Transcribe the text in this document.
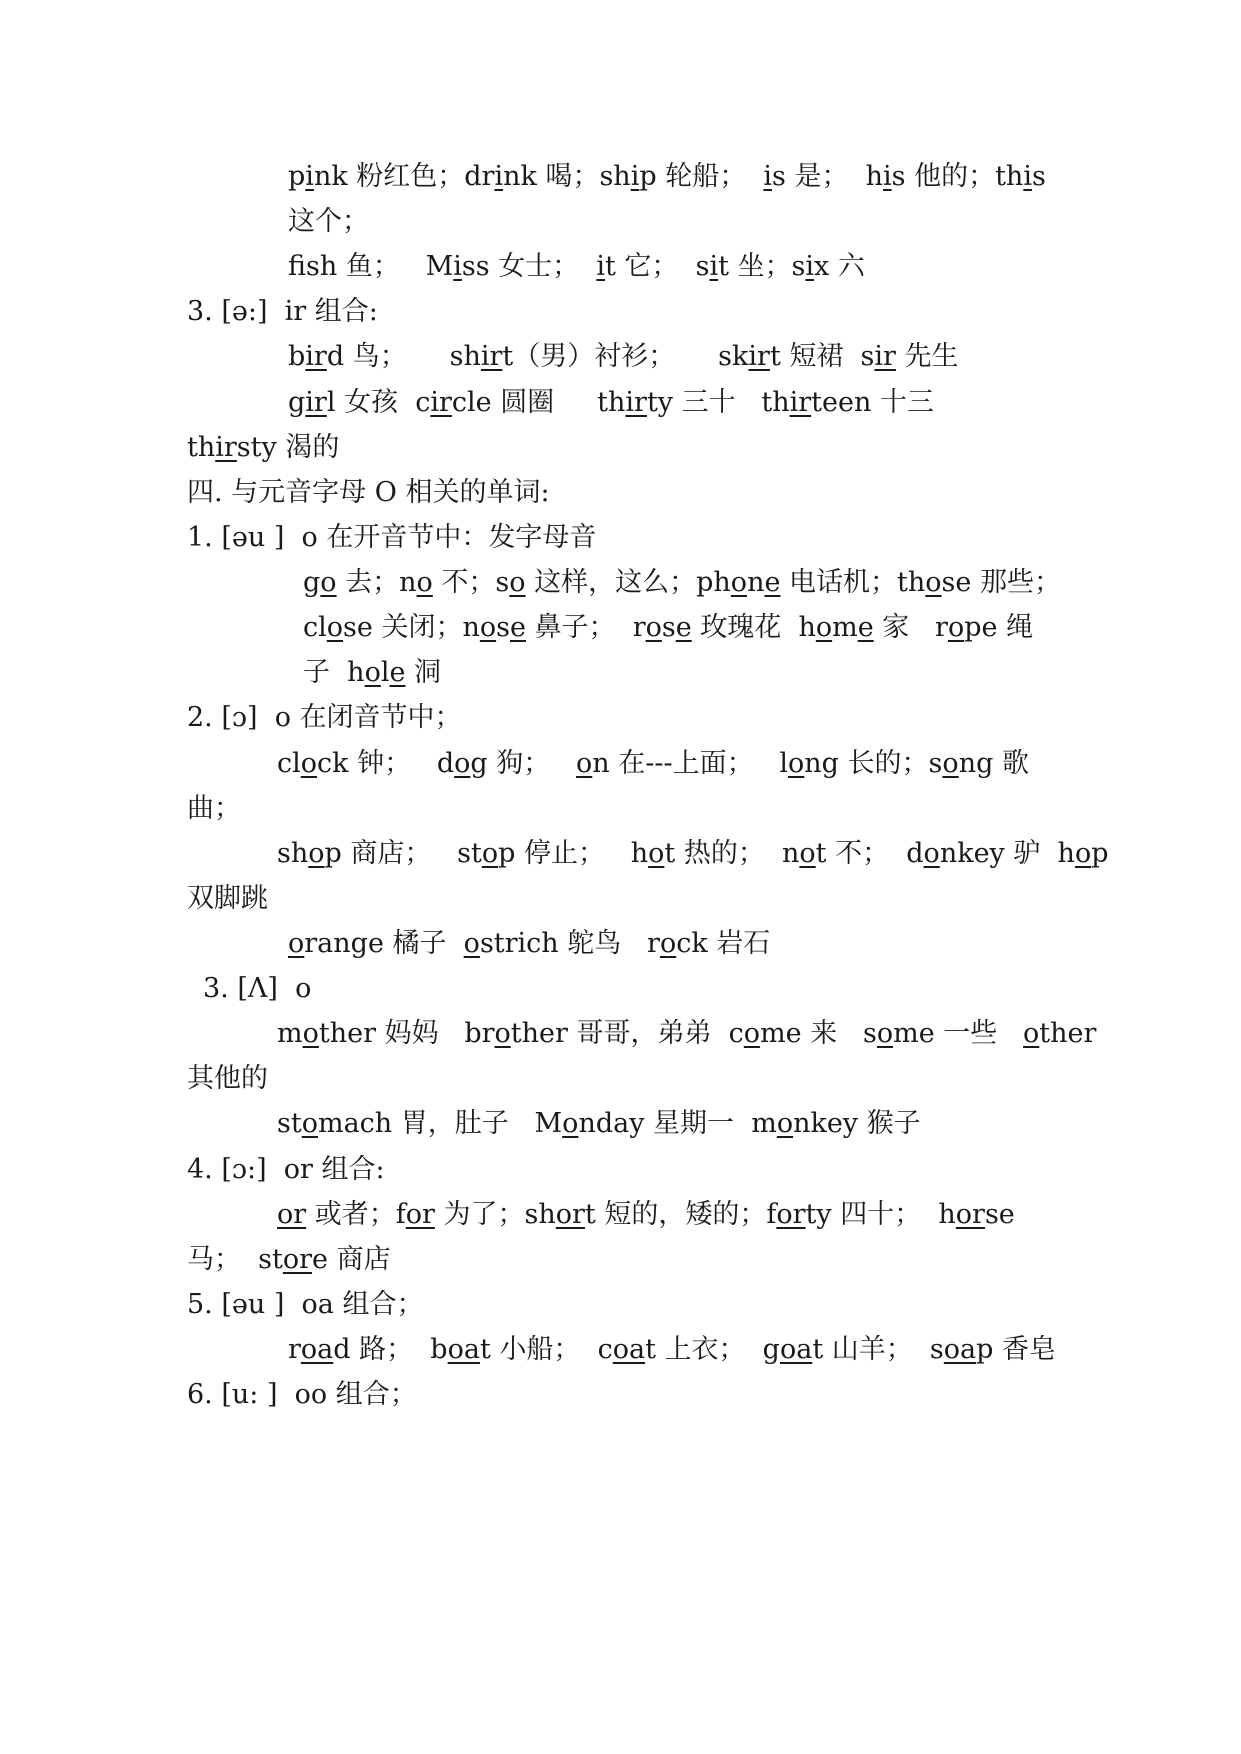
pink 粉红色；drink 喝；ship 轮船；  is 是；  his 他的；this
这个；
fsh 鱼；   Miss 女士；  it 它；  sit 坐；six 六
3. [ə:]  ir 组合:
bird 鸟；     shirt（男）衬衫；     skirt 短裙  sir 先生
girl 女孩  circle 圆圈     thirty 三十   thirteen 十三
thirsty 渴的
四. 与元音字母 O 相关的单词:
1. [əu ]  o 在开音节中：发字母音
go 去；no 不；so 这样，这么；phone 电话机；those 那些；
close 关闭；nose 鼻子；  rose 玫瑰花  home 家   rope 绳
子  hole 洞
2. [ɔ]  o 在闭音节中；
clock 钟；   dog 狗；   on 在---上面；   long 长的；song 歌
曲；
shop 商店；   stop 停止；   hot 热的；  not 不；  donkey 驴  hop
双脚跳
orange 橘子  ostrich 鸵鸟   rock 岩石
3. [Λ]  o
mother 妈妈   brother 哥哥，弟弟  come 来   some 一些   other
其他的
stomach 胃，肚子   Monday 星期一  monkey 猴子
4. [ɔ:]  or 组合:
or 或者；for 为了；short 短的，矮的；forty 四十；  horse
马；  store 商店
5. [əu ]  oa 组合；
road 路；  boat 小船；  coat 上衣；  goat 山羊；  soap 香皂
6. [u: ]  oo 组合；
